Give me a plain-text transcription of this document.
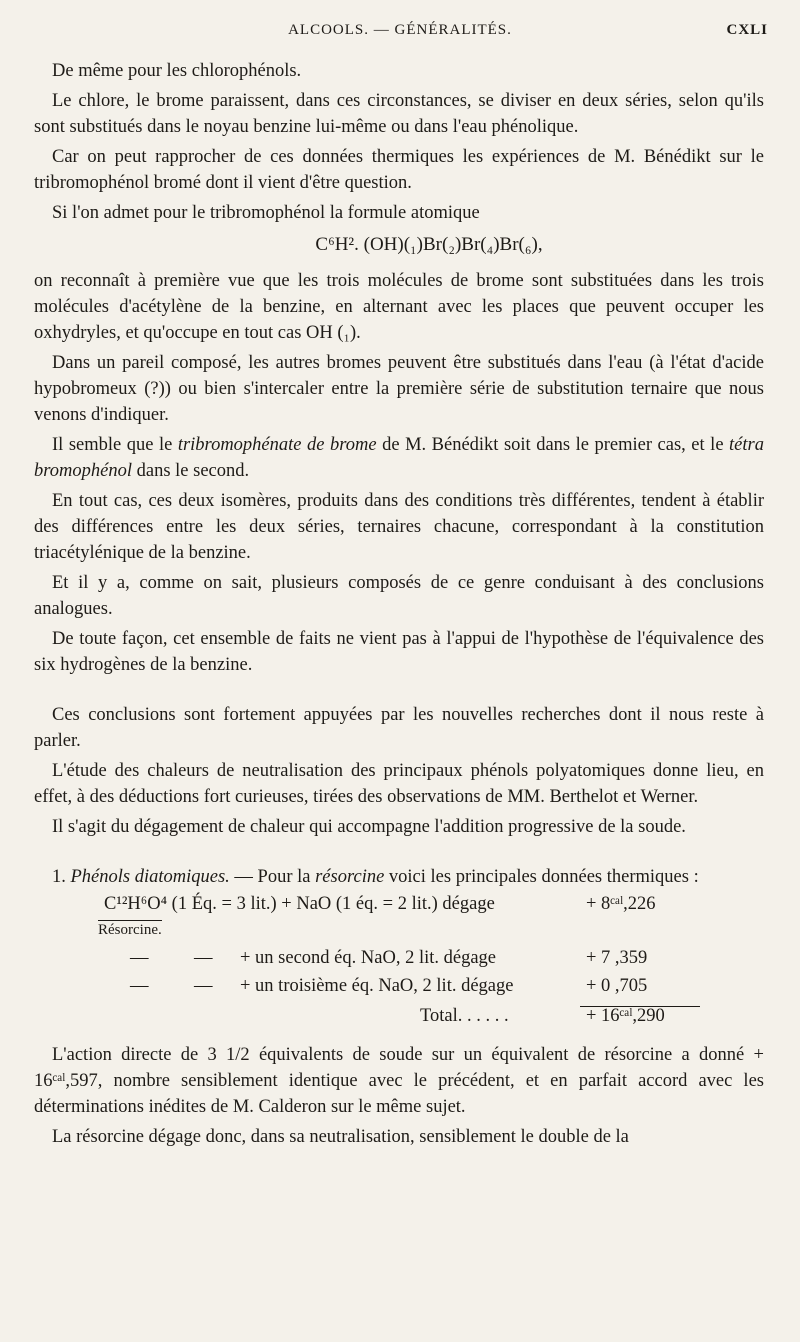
ALCOOLS. — GÉNÉRALITÉS.	CXLI

De même pour les chlorophénols.

Le chlore, le brome paraissent, dans ces circonstances, se diviser en deux séries, selon qu'ils sont substitués dans le noyau benzine lui-même ou dans l'eau phénolique.

Car on peut rapprocher de ces données thermiques les expériences de M. Bénédikt sur le tribromophénol bromé dont il vient d'être question.

Si l'on admet pour le tribromophénol la formule atomique

C⁶H². (OH)(₁)Br(₂)Br(₄)Br(₆),

on reconnaît à première vue que les trois molécules de brome sont substituées dans les trois molécules d'acétylène de la benzine, en alternant avec les places que peuvent occuper les oxhydryles, et qu'occupe en tout cas OH (₁).

Dans un pareil composé, les autres bromes peuvent être substitués dans l'eau (à l'état d'acide hypobromeux (?)) ou bien s'intercaler entre la première série de substitution ternaire que nous venons d'indiquer.

Il semble que le tribromophénate de brome de M. Bénédikt soit dans le premier cas, et le tétra bromophénol dans le second.

En tout cas, ces deux isomères, produits dans des conditions très différentes, tendent à établir des différences entre les deux séries, ternaires chacune, correspondant à la constitution triacétylénique de la benzine.

Et il y a, comme on sait, plusieurs composés de ce genre conduisant à des conclusions analogues.

De toute façon, cet ensemble de faits ne vient pas à l'appui de l'hypothèse de l'équivalence des six hydrogènes de la benzine.

Ces conclusions sont fortement appuyées par les nouvelles recherches dont il nous reste à parler.

L'étude des chaleurs de neutralisation des principaux phénols polyatomiques donne lieu, en effet, à des déductions fort curieuses, tirées des observations de MM. Berthelot et Werner.

Il s'agit du dégagement de chaleur qui accompagne l'addition progressive de la soude.

1. Phénols diatomiques. — Pour la résorcine voici les principales données thermiques :

C¹²H⁶O⁴ (1 Éq. = 3 lit.) + NaO (1 éq. = 2 lit.) dégage	+ 8ᶜᵃˡ,226
Résorcine.
— — + un second éq. NaO, 2 lit. dégage	+ 7 ,359
— — + un troisième éq. NaO, 2 lit. dégage	+ 0 ,705
Total. . . . . .	+ 16ᶜᵃˡ,290

L'action directe de 3 1/2 équivalents de soude sur un équivalent de résorcine a donné + 16ᶜᵃˡ,597, nombre sensiblement identique avec le précédent, et en parfait accord avec les déterminations inédites de M. Calderon sur le même sujet.

La résorcine dégage donc, dans sa neutralisation, sensiblement le double de la
